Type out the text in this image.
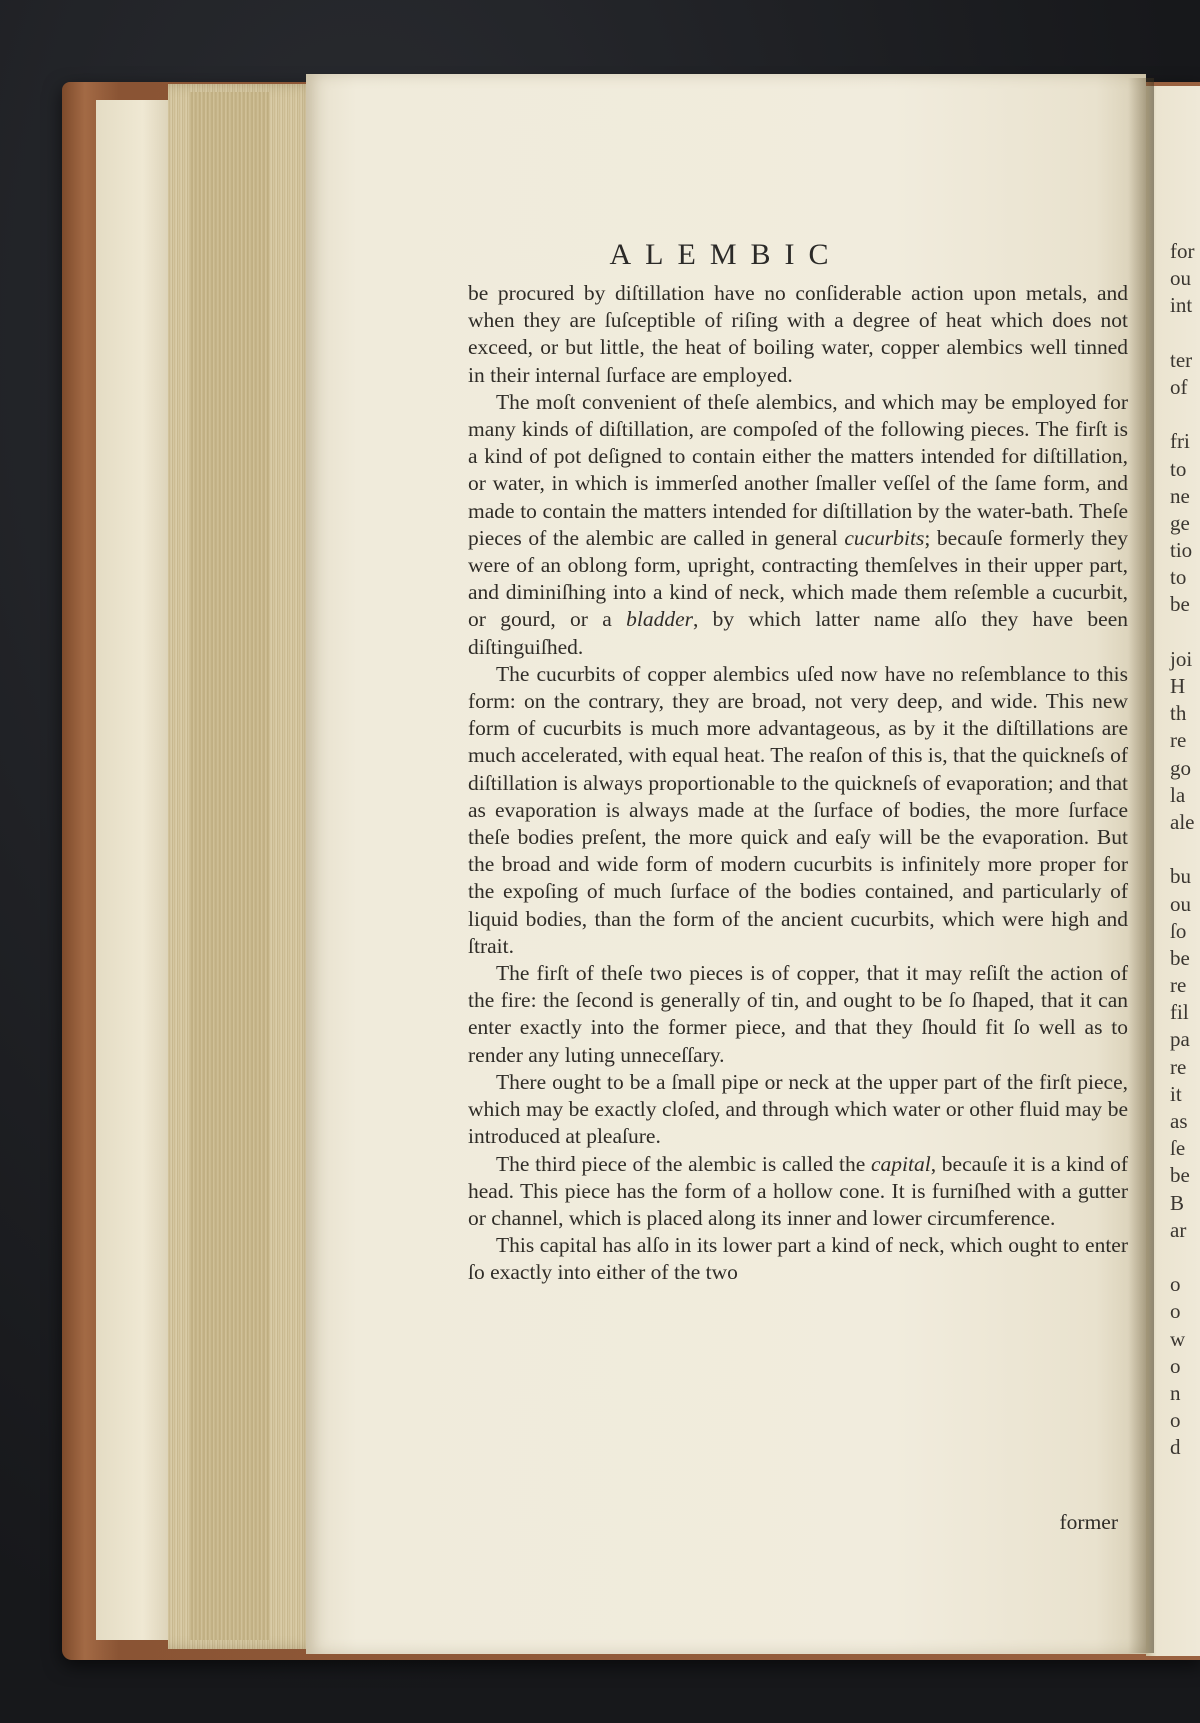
ALEMBIC

be procured by diſtillation have no conſiderable action upon metals, and when they are ſuſceptible of riſing with a degree of heat which does not exceed, or but little, the heat of boiling water, copper alembics well tinned in their internal ſurface are employed.

The moſt convenient of theſe alembics, and which may be employed for many kinds of diſtillation, are compoſed of the following pieces. The firſt is a kind of pot deſigned to contain either the matters intended for diſtillation, or water, in which is immerſed another ſmaller veſſel of the ſame form, and made to contain the matters intended for diſtillation by the water-bath. Theſe pieces of the alembic are called in general cucurbits; becauſe formerly they were of an oblong form, upright, contracting themſelves in their upper part, and diminiſhing into a kind of neck, which made them reſemble a cucurbit, or gourd, or a bladder, by which latter name alſo they have been diſtinguiſhed.

The cucurbits of copper alembics uſed now have no reſemblance to this form: on the contrary, they are broad, not very deep, and wide. This new form of cucurbits is much more advantageous, as by it the diſtillations are much accelerated, with equal heat. The reaſon of this is, that the quickneſs of diſtillation is always proportionable to the quickneſs of evaporation; and that as evaporation is always made at the ſurface of bodies, the more ſurface theſe bodies preſent, the more quick and eaſy will be the evaporation. But the broad and wide form of modern cucurbits is infinitely more proper for the expoſing of much ſurface of the bodies contained, and particularly of liquid bodies, than the form of the ancient cucurbits, which were high and ſtrait.

The firſt of theſe two pieces is of copper, that it may reſiſt the action of the fire: the ſecond is generally of tin, and ought to be ſo ſhaped, that it can enter exactly into the former piece, and that they ſhould fit ſo well as to render any luting unneceſſary.

There ought to be a ſmall pipe or neck at the upper part of the firſt piece, which may be exactly cloſed, and through which water or other fluid may be introduced at pleaſure.

The third piece of the alembic is called the capital, becauſe it is a kind of head. This piece has the form of a hollow cone. It is furniſhed with a gutter or channel, which is placed along its inner and lower circumference.

This capital has alſo in its lower part a kind of neck, which ought to enter ſo exactly into either of the two

former
for
ou
int
ter
of
fri
to
ne
ge
tio
to
be
joi
H
th
re
go
la
ale
bu
ou
ſo
be
re
fil
pa
re
it
as
ſe
be
B
ar
o
o
w
o
n
o
d
